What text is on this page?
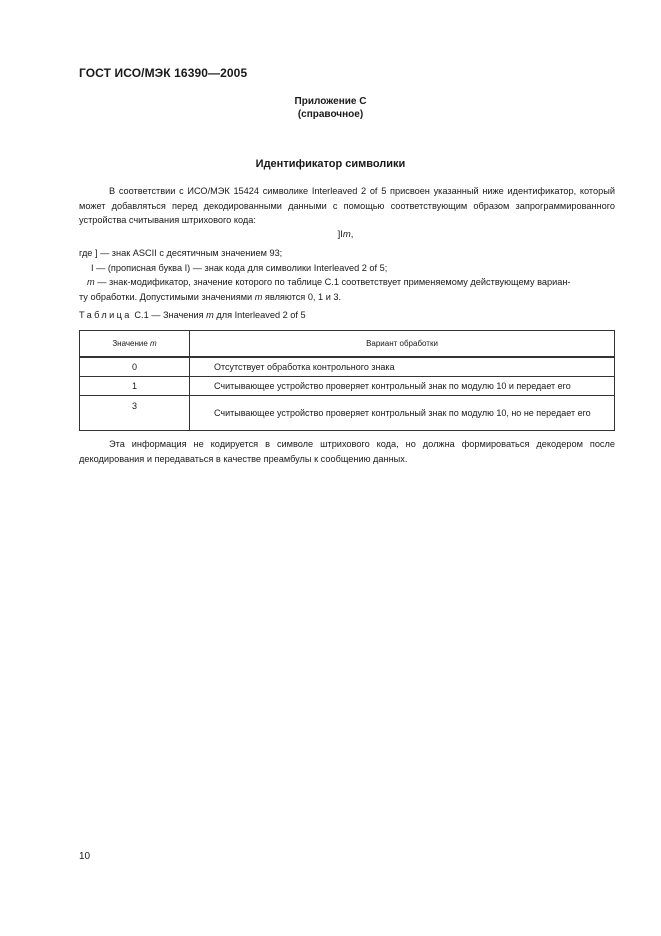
ГОСТ ИСО/МЭК 16390—2005
Приложение С
(справочное)
Идентификатор символики
В соответствии с ИСО/МЭК 15424 символике Interleaved 2 of 5 присвоен указанный ниже идентификатор, который может добавляться перед декодированными данными с помощью соответствующим образом запрограммированного устройства считывания штрихового кода:
]Im,
где ] — знак ASCII с десятичным значением 93;
I — (прописная буква I) — знак кода для символики Interleaved 2 of 5;
m — знак-модификатор, значение которого по таблице С.1 соответствует применяемому действующему вариан-
ту обработки. Допустимыми значениями m являются 0, 1 и 3.
Таблица С.1 — Значения m для Interleaved 2 of 5
Значение m	Вариант обработки
0	Отсутствует обработка контрольного знака
1	Считывающее устройство проверяет контрольный знак по модулю 10 и передает его
3	Считывающее устройство проверяет контрольный знак по модулю 10, но не передает его
Эта информация не кодируется в символе штрихового кода, но должна формироваться декодером после декодирования и передаваться в качестве преамбулы к сообщению данных.
10
